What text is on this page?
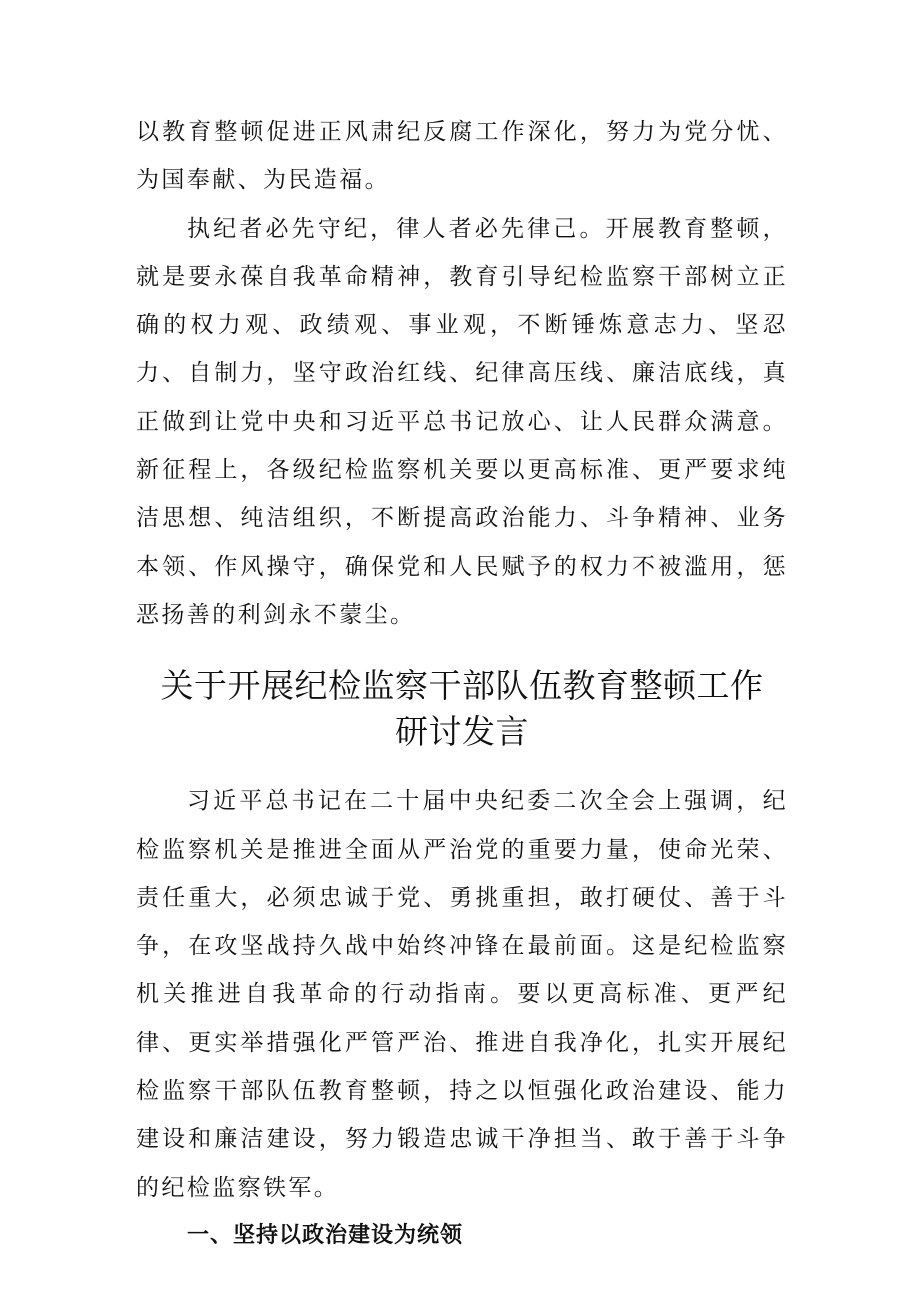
以教育整顿促进正风肃纪反腐工作深化，努力为党分忧、为国奉献、为民造福。

执纪者必先守纪，律人者必先律己。开展教育整顿，就是要永葆自我革命精神，教育引导纪检监察干部树立正确的权力观、政绩观、事业观，不断锤炼意志力、坚忍力、自制力，坚守政治红线、纪律高压线、廉洁底线，真正做到让党中央和习近平总书记放心、让人民群众满意。新征程上，各级纪检监察机关要以更高标准、更严要求纯洁思想、纯洁组织，不断提高政治能力、斗争精神、业务本领、作风操守，确保党和人民赋予的权力不被滥用，惩恶扬善的利剑永不蒙尘。

关于开展纪检监察干部队伍教育整顿工作
研讨发言

习近平总书记在二十届中央纪委二次全会上强调，纪检监察机关是推进全面从严治党的重要力量，使命光荣、责任重大，必须忠诚于党、勇挑重担，敢打硬仗、善于斗争，在攻坚战持久战中始终冲锋在最前面。这是纪检监察机关推进自我革命的行动指南。要以更高标准、更严纪律、更实举措强化严管严治、推进自我净化，扎实开展纪检监察干部队伍教育整顿，持之以恒强化政治建设、能力建设和廉洁建设，努力锻造忠诚干净担当、敢于善于斗争的纪检监察铁军。

一、坚持以政治建设为统领
